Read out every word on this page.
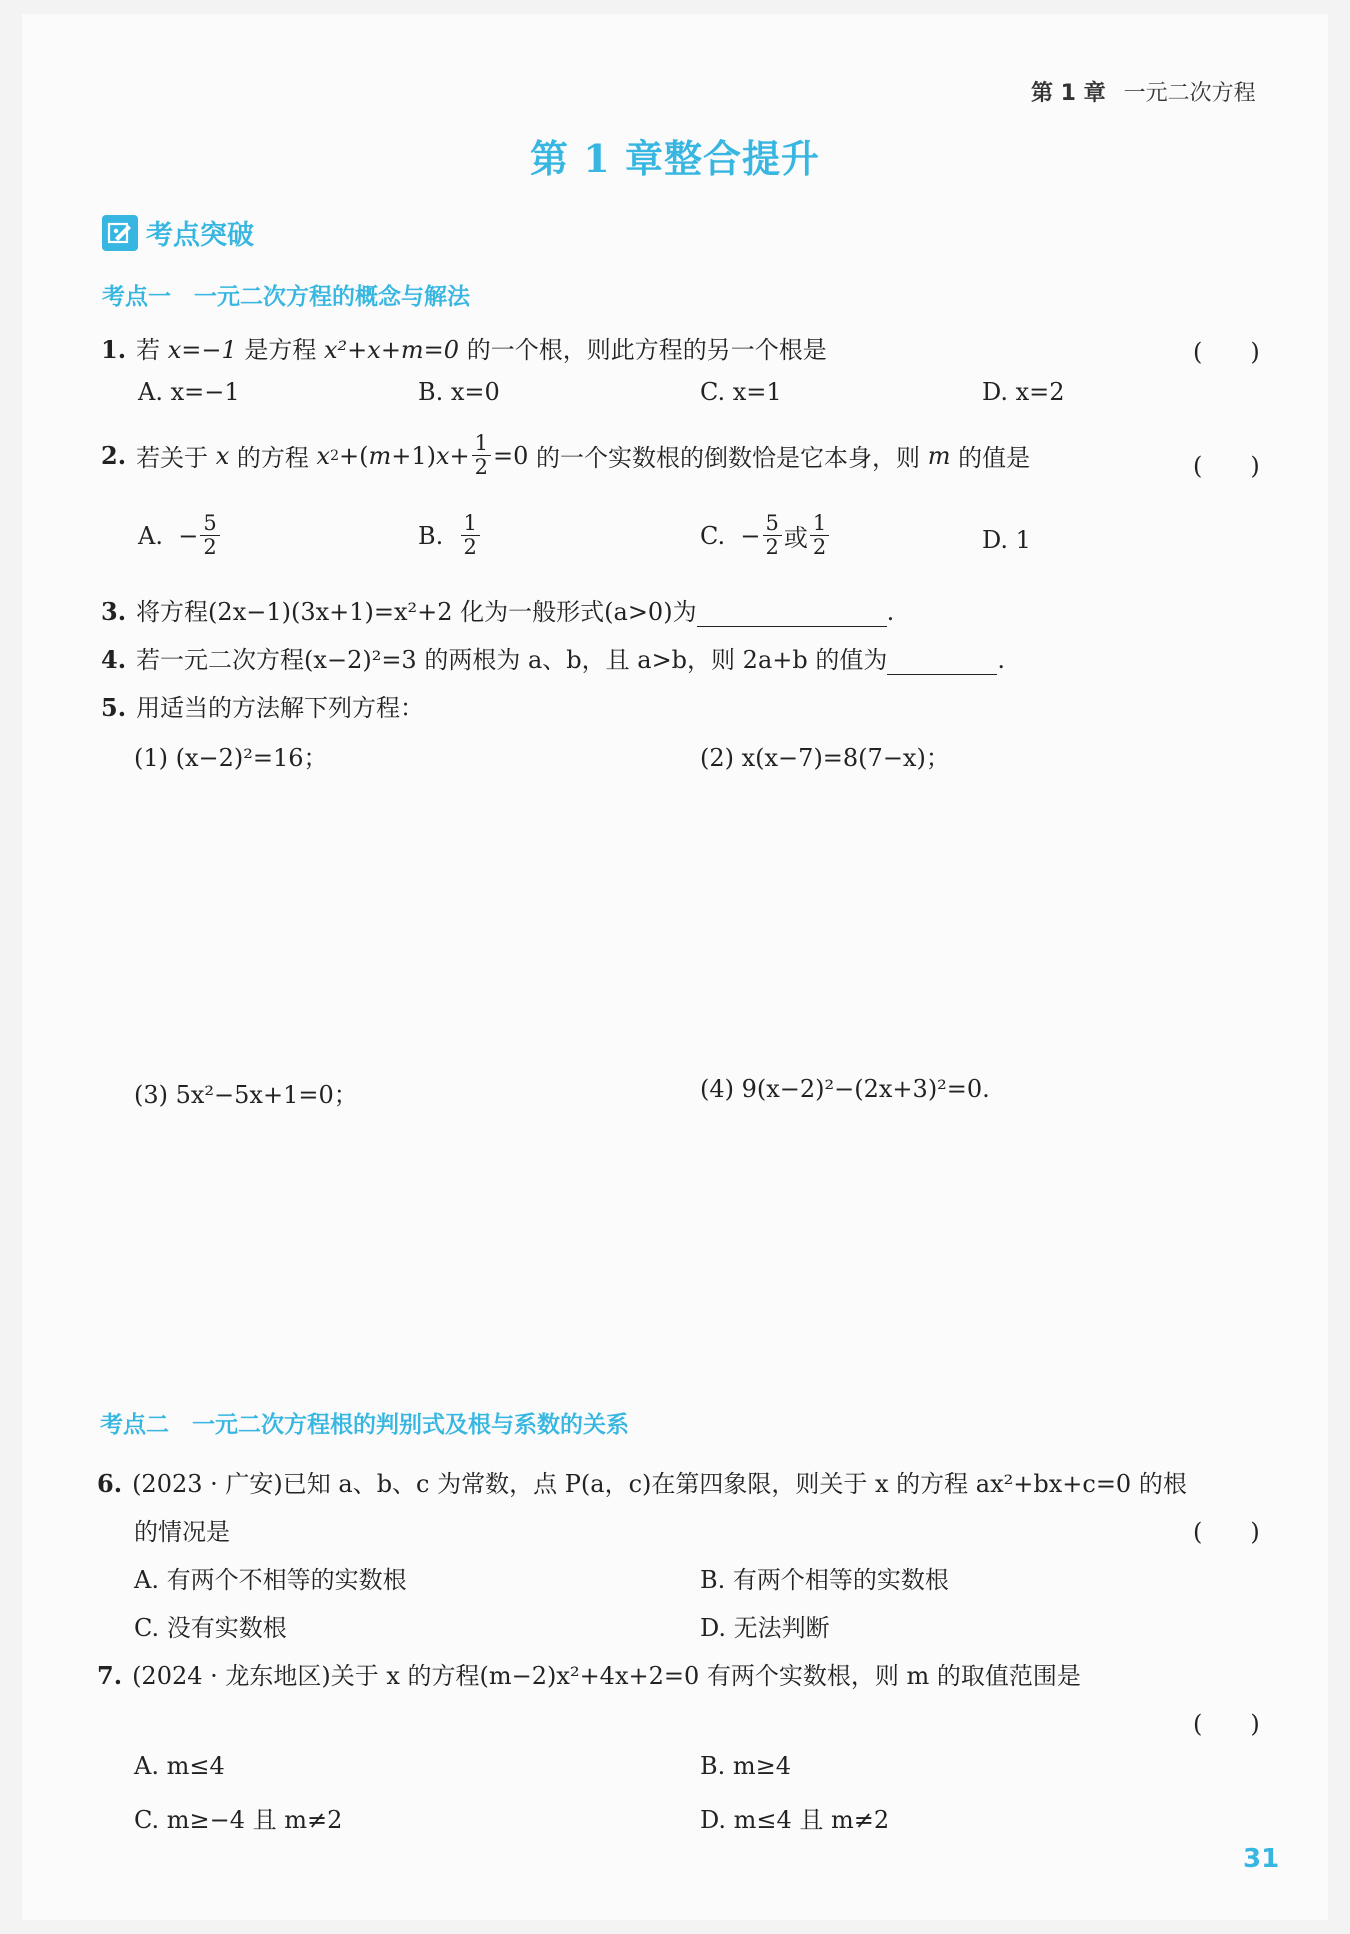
第 1 章 一元二次方程
第 1 章整合提升
考点突破
考点一　一元二次方程的概念与解法
1. 若 x=−1 是方程 x²+x+m=0 的一个根，则此方程的另一个根是	(　　)
A. x=−1	B. x=0	C. x=1	D. x=2
2. 若关于
x
的方程
x 2 +( m +1) $x + \frac{1}{2} =0$ 的一个实数根的倒数恰是它本身，则
m
的值是	(　　)
A. − $\frac{5}{2}$	B.
$\frac{1}{2}$	C. − $\frac{5}{2}$ 或 $\frac{1}{2}$	D. 1
3. 将方程(2x−1)(3x+1)=x²+2 化为一般形式(a>0)为	.
4. 若一元二次方程(x−2)²=3 的两根为 a、b，且 a>b，则 2a+b 的值为	.
5. 用适当的方法解下列方程：
(1) (x−2)²=16；	(2) x(x−7)=8(7−x)；
(3) 5x²−5x+1=0；	(4) 9(x−2)²−(2x+3)²=0.
考点二　一元二次方程根的判别式及根与系数的关系
6. (2023 · 广安)已知 a、b、c 为常数，点 P(a，c)在第四象限，则关于 x 的方程 ax²+bx+c=0 的根
的情况是	(　　)
A. 有两个不相等的实数根	B. 有两个相等的实数根
C. 没有实数根	D. 无法判断
7. (2024 · 龙东地区)关于 x 的方程(m−2)x²+4x+2=0 有两个实数根，则 m 的取值范围是
(　　)
A. m≤4	B. m≥4
C. m≥−4 且 m≠2	D. m≤4 且 m≠2
31
